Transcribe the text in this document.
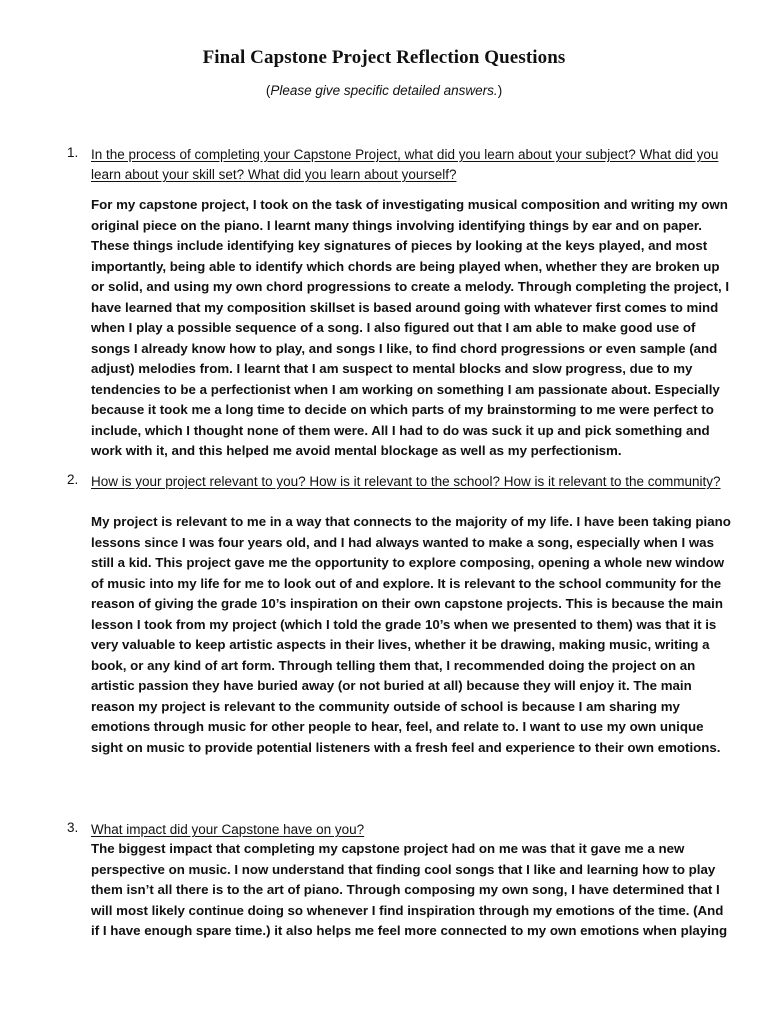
Final Capstone Project Reflection Questions
(Please give specific detailed answers.)
1. In the process of completing your Capstone Project, what did you learn about your subject? What did you learn about your skill set? What did you learn about yourself?
For my capstone project, I took on the task of investigating musical composition and writing my own original piece on the piano. I learnt many things involving identifying things by ear and on paper. These things include identifying key signatures of pieces by looking at the keys played, and most importantly, being able to identify which chords are being played when, whether they are broken up or solid, and using my own chord progressions to create a melody. Through completing the project, I have learned that my composition skillset is based around going with whatever first comes to mind when I play a possible sequence of a song. I also figured out that I am able to make good use of songs I already know how to play, and songs I like, to find chord progressions or even sample (and adjust) melodies from. I learnt that I am suspect to mental blocks and slow progress, due to my tendencies to be a perfectionist when I am working on something I am passionate about. Especially because it took me a long time to decide on which parts of my brainstorming to me were perfect to include, which I thought none of them were. All I had to do was suck it up and pick something and work with it, and this helped me avoid mental blockage as well as my perfectionism.
2. How is your project relevant to you? How is it relevant to the school? How is it relevant to the community?
My project is relevant to me in a way that connects to the majority of my life. I have been taking piano lessons since I was four years old, and I had always wanted to make a song, especially when I was still a kid. This project gave me the opportunity to explore composing, opening a whole new window of music into my life for me to look out of and explore. It is relevant to the school community for the reason of giving the grade 10’s inspiration on their own capstone projects. This is because the main lesson I took from my project (which I told the grade 10’s when we presented to them) was that it is very valuable to keep artistic aspects in their lives, whether it be drawing, making music, writing a book, or any kind of art form. Through telling them that, I recommended doing the project on an artistic passion they have buried away (or not buried at all) because they will enjoy it. The main reason my project is relevant to the community outside of school is because I am sharing my emotions through music for other people to hear, feel, and relate to. I want to use my own unique sight on music to provide potential listeners with a fresh feel and experience to their own emotions.
3. What impact did your Capstone have on you?
The biggest impact that completing my capstone project had on me was that it gave me a new perspective on music. I now understand that finding cool songs that I like and learning how to play them isn’t all there is to the art of piano. Through composing my own song, I have determined that I will most likely continue doing so whenever I find inspiration through my emotions of the time. (And if I have enough spare time.) it also helps me feel more connected to my own emotions when playing
